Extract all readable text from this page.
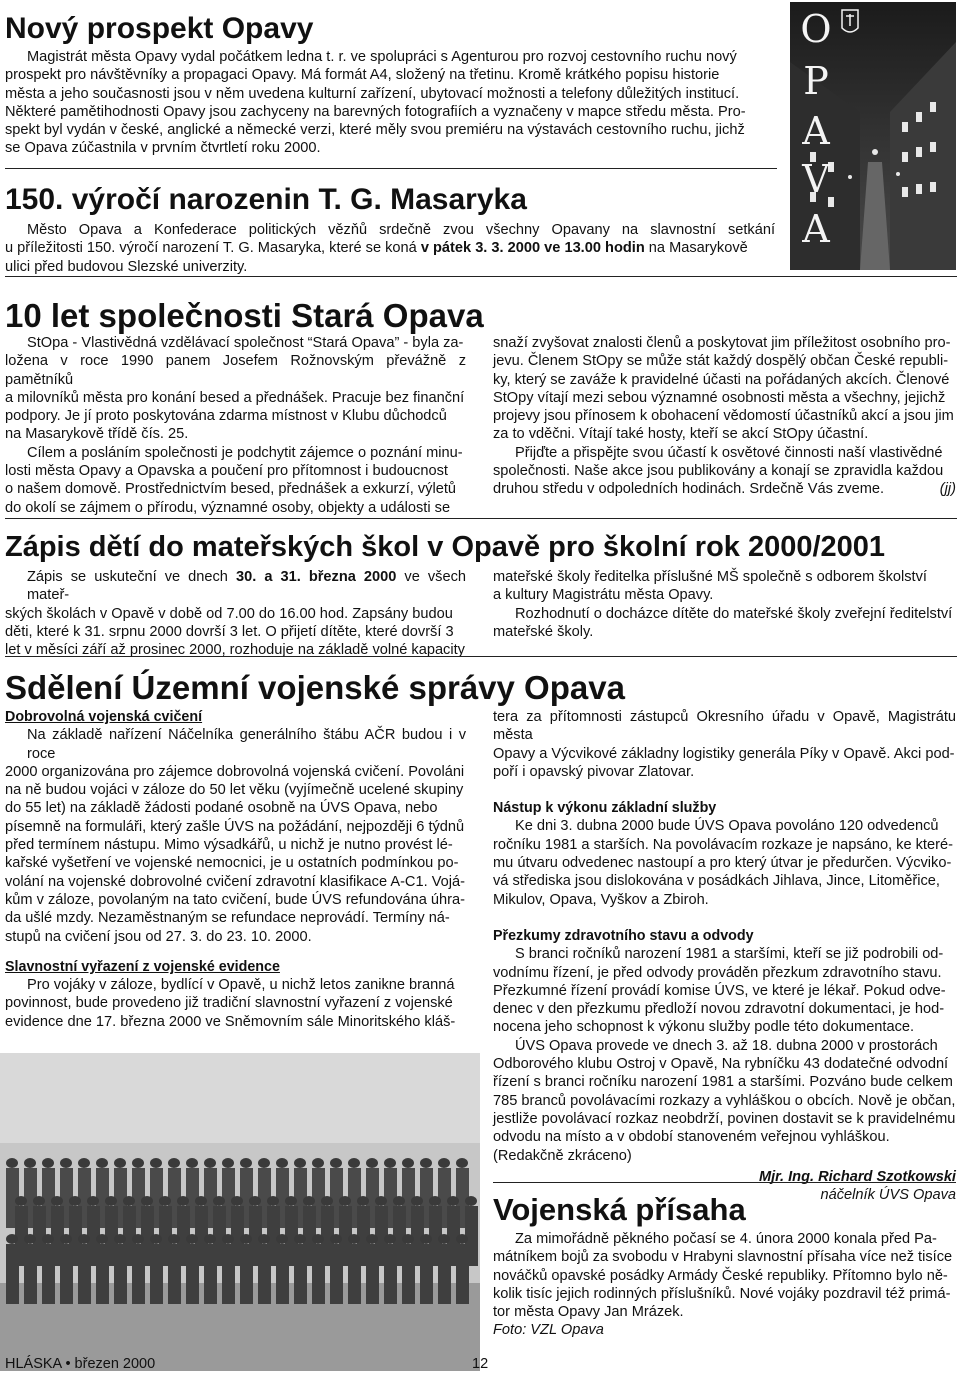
Nový prospekt Opavy
Magistrát města Opavy vydal počátkem ledna t. r. ve spolupráci s Agenturou pro rozvoj cestovního ruchu nový
prospekt pro návštěvníky a propagaci Opavy. Má formát A4, složený na třetinu. Kromě krátkého popisu historie
města a jeho současnosti jsou v něm uvedena kulturní zařízení, ubytovací možnosti a telefony důležitých institucí.
Některé pamětihodnosti Opavy jsou zachyceny na barevných fotografiích a vyznačeny v mapce středu města. Pro-
spekt byl vydán v české, anglické a německé verzi, které měly svou premiéru na výstavách cestovního ruchu, jichž
se Opava zúčastnila v prvním čtvrtletí roku 2000.
150. výročí narozenin T. G. Masaryka
Město Opava a Konfederace politických vězňů srdečně zvou všechny Opavany na slavnostní setkání
u příležitosti 150. výročí narození T. G. Masaryka, které se koná v pátek 3. 3. 2000 ve 13.00 hodin na Masarykově
ulici před budovou Slezské univerzity.
O
P
A
V
A
10 let společnosti Stará Opava
StOpa - Vlastivědná vzdělávací společnost “Stará Opava” - byla za-
ložena v roce 1990 panem Josefem Rožnovským převážně z pamětníků
a milovníků města pro konání besed a přednášek. Pracuje bez finanční
podpory. Je jí proto poskytována zdarma místnost v Klubu důchodců
na Masarykově třídě čís. 25.
Cílem a posláním společnosti je podchytit zájemce o poznání minu-
losti města Opavy a Opavska a poučení pro přítomnost i budoucnost
o našem domově. Prostřednictvím besed, přednášek a exkurzí, výletů
do okolí se zájmem o přírodu, významné osoby, objekty a události se
snaží zvyšovat znalosti členů a poskytovat jim příležitost osobního pro-
jevu. Členem StOpy se může stát každý dospělý občan České republi-
ky, který se zaváže k pravidelné účasti na pořádaných akcích. Členové
StOpy vítají mezi sebou významné osobnosti města a všechny, jejichž
projevy jsou přínosem k obohacení vědomostí účastníků akcí a jsou jim
za to vděčni. Vítají také hosty, kteří se akcí StOpy účastní.
Přijďte a přispějte svou účastí k osvětové činnosti naší vlastivědné
společnosti. Naše akce jsou publikovány a konají se zpravidla každou
druhou středu v odpoledních hodinách. Srdečně Vás zveme.	(jj)
Zápis dětí do mateřských škol v Opavě pro školní rok 2000/2001
Zápis se uskuteční ve dnech 30. a 31. března 2000 ve všech mateř-
ských školách v Opavě v době od 7.00 do 16.00 hod. Zapsány budou
děti, které k 31. srpnu 2000 dovrší 3 let. O přijetí dítěte, které dovrší 3
let v měsíci září až prosinec 2000, rozhoduje na základě volné kapacity
mateřské školy ředitelka příslušné MŠ společně s odborem školství
a kultury Magistrátu města Opavy.
Rozhodnutí o docházce dítěte do mateřské školy zveřejní ředitelství
mateřské školy.
Sdělení Územní vojenské správy Opava
Dobrovolná vojenská cvičení
Na základě nařízení Náčelníka generálního štábu AČR budou i v roce
2000 organizována pro zájemce dobrovolná vojenská cvičení. Povoláni
na ně budou vojáci v záloze do 50 let věku (vyjímečně ucelené skupiny
do 55 let) na základě žádosti podané osobně na ÚVS Opava, nebo
písemně na formuláři, který zašle ÚVS na požádání, nejpozději 6 týdnů
před termínem nástupu. Mimo výsadkářů, u nichž je nutno provést lé-
kařské vyšetření ve vojenské nemocnici, je u ostatních podmínkou po-
volání na vojenské dobrovolné cvičení zdravotní klasifikace A-C1. Vojá-
kům v záloze, povolaným na tato cvičení, bude ÚVS refundována úhra-
da ušlé mzdy. Nezaměstnaným se refundace neprovádí. Termíny ná-
stupů na cvičení jsou od 27. 3. do 23. 10. 2000.
Slavnostní vyřazení z vojenské evidence
Pro vojáky v záloze, bydlící v Opavě, u nichž letos zanikne branná
povinnost, bude provedeno již tradiční slavnostní vyřazení z vojenské
evidence dne 17. března 2000 ve Sněmovním sále Minoritského kláš-
tera za přítomnosti zástupců Okresního úřadu v Opavě, Magistrátu města
Opavy a Výcvikové základny logistiky generála Píky v Opavě. Akci pod-
poří i opavský pivovar Zlatovar.
Nástup k výkonu základní služby
Ke dni 3. dubna 2000 bude ÚVS Opava povoláno 120 odvedenců
ročníku 1981 a starších. Na povolávacím rozkaze je napsáno, ke které-
mu útvaru odvedenec nastoupí a pro který útvar je předurčen. Výcviko-
vá střediska jsou dislokována v posádkách Jihlava, Jince, Litoměřice,
Mikulov, Opava, Vyškov a Zbiroh.
Přezkumy zdravotního stavu a odvody
S branci ročníků narození 1981 a staršími, kteří se již podrobili od-
vodnímu řízení, je před odvody prováděn přezkum zdravotního stavu.
Přezkumné řízení provádí komise ÚVS, ve které je lékař. Pokud odve-
denec v den přezkumu předloží novou zdravotní dokumentaci, je hod-
nocena jeho schopnost k výkonu služby podle této dokumentace.
ÚVS Opava provede ve dnech 3. až 18. dubna 2000 v prostorách
Odborového klubu Ostroj v Opavě, Na rybníčku 43 dodatečné odvodní
řízení s branci ročníku narození 1981 a staršími. Pozváno bude celkem
785 branců povolávacími rozkazy a vyhláškou o obcích. Nově je občan,
jestliže povolávací rozkaz neobdrží, povinen dostavit se k pravidelnému
odvodu na místo a v období stanoveném veřejnou vyhláškou.
(Redakčně zkráceno)
Mjr. Ing. Richard Szotkowski
náčelník ÚVS Opava
Vojenská přísaha
Za mimořádně pěkného počasí se 4. února 2000 konala před Pa-
mátníkem bojů za svobodu v Hrabyni slavnostní přísaha více než tisíce
nováčků opavské posádky Armády České republiky. Přítomno bylo ně-
kolik tisíc jejich rodinných příslušníků. Nové vojáky pozdravil též primá-
tor města Opavy Jan Mrázek.
Foto: VZL Opava
HLÁSKA • březen 2000	12
